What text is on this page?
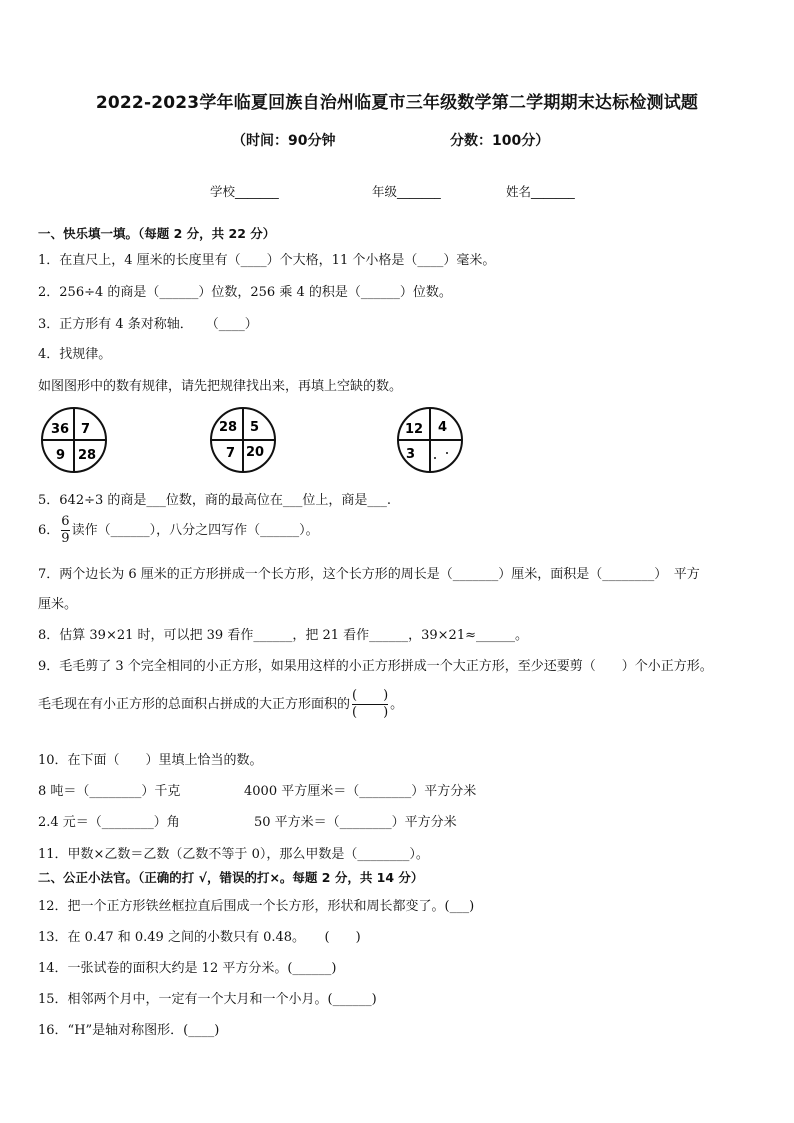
2022-2023学年临夏回族自治州临夏市三年级数学第二学期期末达标检测试题
（时间：90分钟	分数：100分）
学校_______	年级_______	姓名_______
一、快乐填一填。（每题 2 分，共 22 分）
1．在直尺上，4 厘米的长度里有（____）个大格，11 个小格是（____）毫米。
2．256÷4 的商是（______）位数，256 乘 4 的积是（______）位数。
3．正方形有 4 条对称轴．　　（____）
4．找规律。
如图图形中的数有规律，请先把规律找出来，再填上空缺的数。
36 7
9 28
28 5
7 20
12 4
3
5．642÷3 的商是___位数，商的最高位在___位上，商是___.
6． $\frac{6}{9}$ 读作（______），八分之四写作（______）。
7．两个边长为 6 厘米的正方形拼成一个长方形，这个长方形的周长是（_______）厘米，面积是（________）　平方
厘米。
8．估算 39×21 时，可以把 39 看作______，把 21 看作______，39×21≈______。
9．毛毛剪了 3 个完全相同的小正方形，如果用这样的小正方形拼成一个大正方形，至少还要剪（　　）个小正方形。
毛毛现在有小正方形的总面积占拼成的大正方形面积的 $\frac{( )}{( )}$ 。
10．在下面（　　）里填上恰当的数。
8 吨＝（________）千克	4000 平方厘米＝（________）平方分米
2.4 元＝（________）角	50 平方米＝（________）平方分米
11．甲数×乙数＝乙数（乙数不等于 0），那么甲数是（________）。
二、公正小法官。（正确的打 √，错误的打×。每题 2 分，共 14 分）
12．把一个正方形铁丝框拉直后围成一个长方形，形状和周长都变了。(___)
13．在 0.47 和 0.49 之间的小数只有 0.48。　　(　　)
14．一张试卷的面积大约是 12 平方分米。(______)
15．相邻两个月中，一定有一个大月和一个小月。(______)
16．“H”是轴对称图形．(____)
